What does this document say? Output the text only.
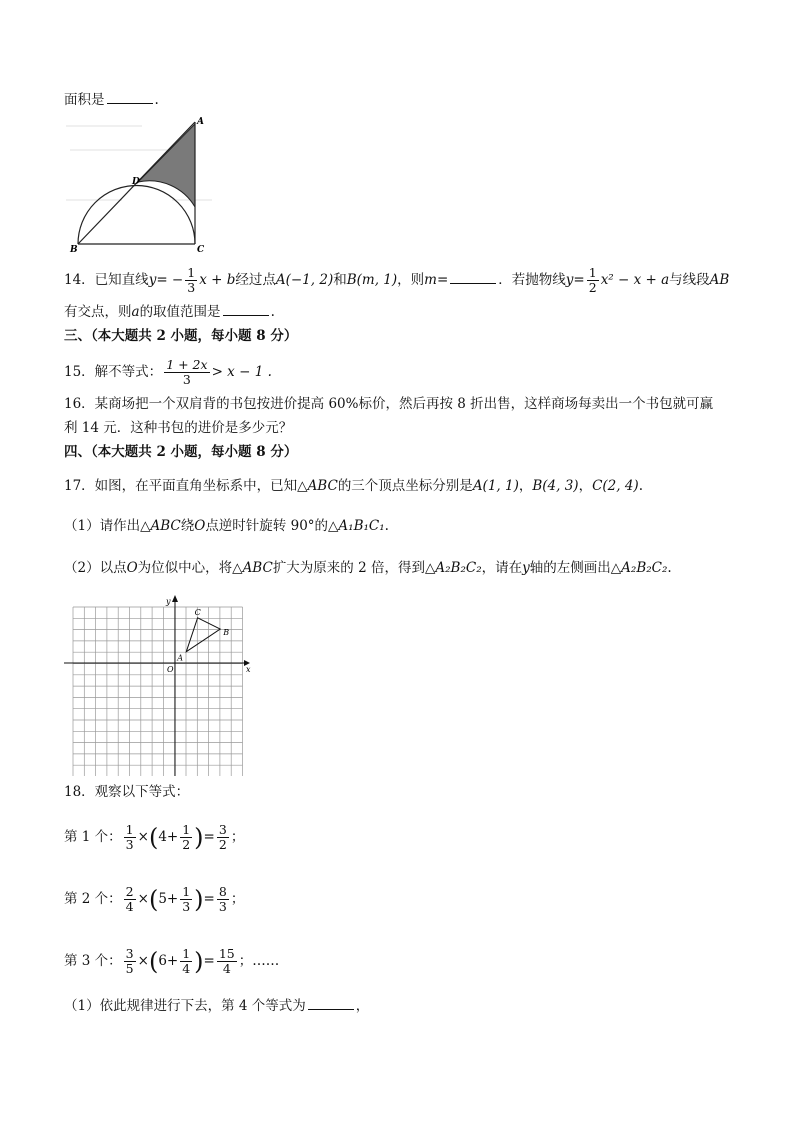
面积是	.
A
B	C
D
14．已知直线$y= - \frac{1}{3}$ x + b经过点A(−1, 2)和B(m, 1)，则m=	．若抛物线$y= \frac{1}{2} x^2 - x + a$与线段AB
有交点，则a的取值范围是	.
三、（本大题共 2 小题，每小题 8 分）
15．解不等式： $\frac{1 + 2x}{3} > x - 1$ .
16．某商场把一个双肩背的书包按进价提高 60%标价，然后再按 8 折出售，这样商场每卖出一个书包就可赢
利 14 元．这种书包的进价是多少元？
四、（本大题共 2 小题，每小题 8 分）
17．如图，在平面直角坐标系中，已知△ABC的三个顶点坐标分别是A(1, 1)，B(4, 3)，C(2, 4).
（1）请作出△ABC绕O点逆时针旋转 90°的△A₁B₁C₁.
（2）以点O为位似中心，将△ABC扩大为原来的 2 倍，得到△A₂B₂C₂，请在y轴的左侧画出△A₂B₂C₂.
x
y
O
A
B
C
18．观察以下等式：
第 1 个： $\frac{1}{3} \times(4+ \frac{1}{2}$ )= $\frac{3}{2}$ ；
第 2 个： $\frac{2}{4} \times(5+ \frac{1}{3}$ )= $\frac{8}{3}$ ；
第 3 个： $\frac{3}{5} \times(6+ \frac{1}{4}$ )= $\frac{15}{4}$ ；……
（1）依此规律进行下去，第 4 个等式为	，
